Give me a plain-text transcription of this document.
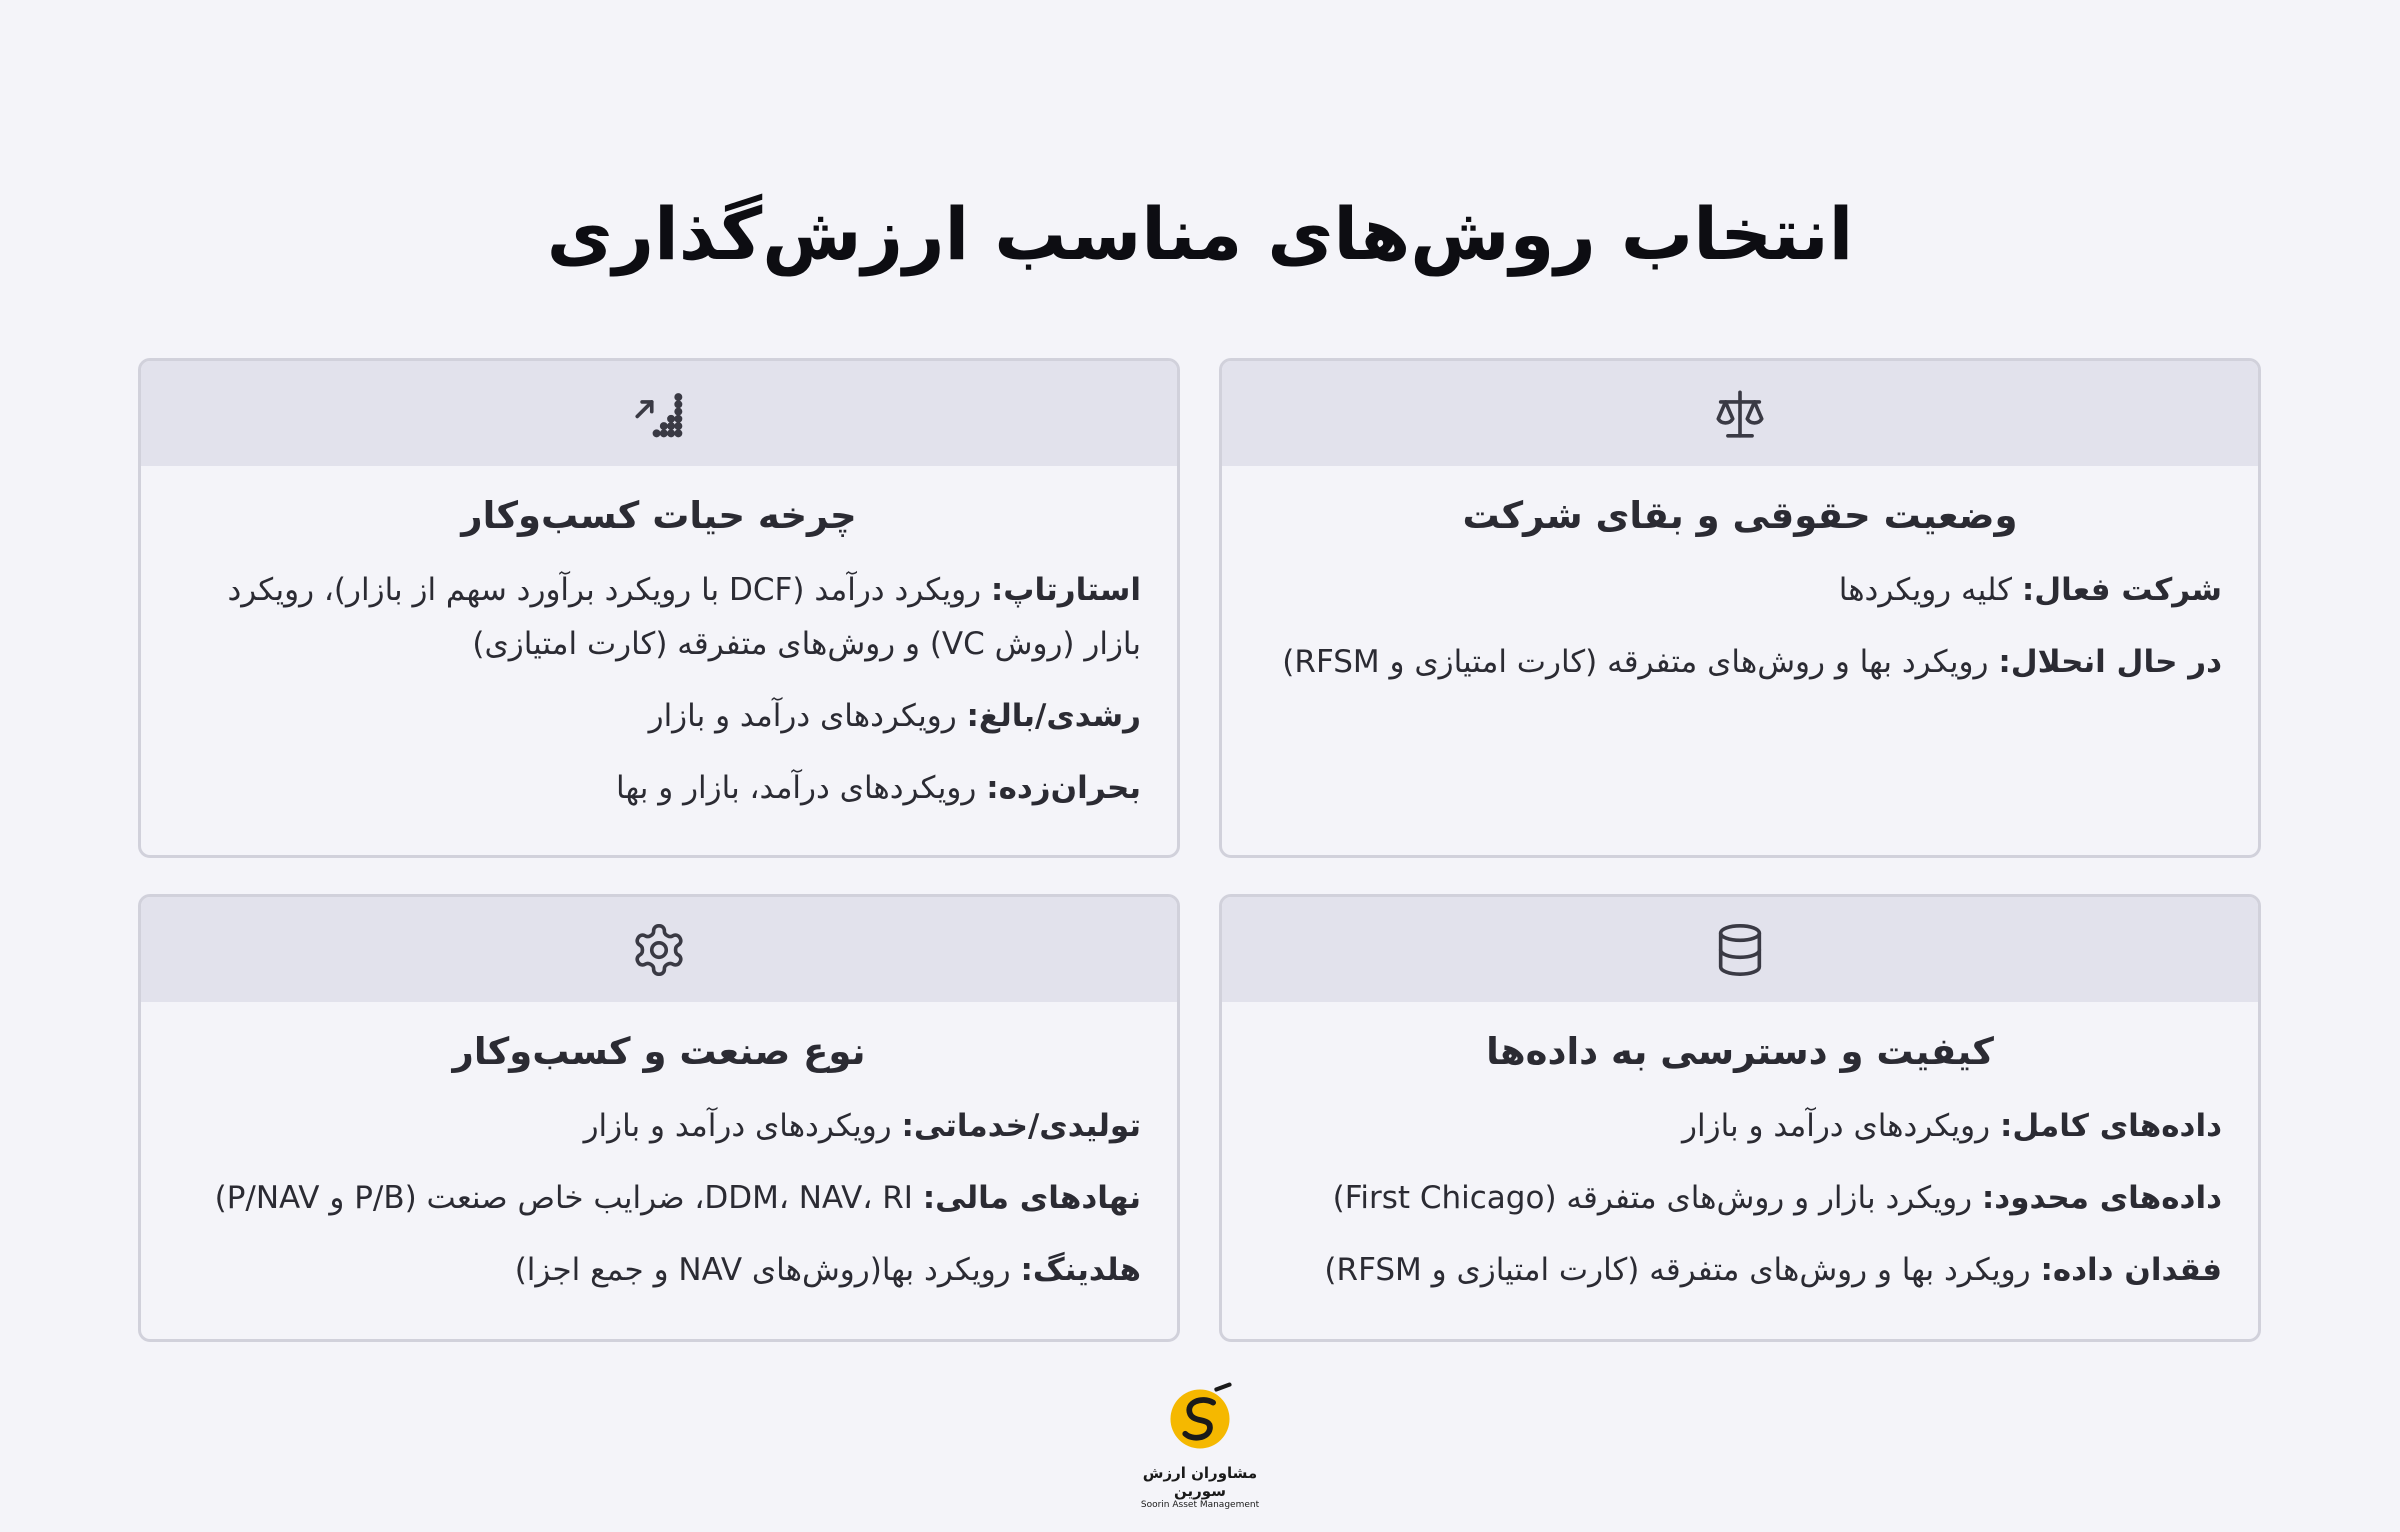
انتخاب روش‌های مناسب ارزش‌گذاری
وضعیت حقوقی و بقای شرکت
شرکت فعال: کلیه رویکردها
در حال انحلال: رویکرد بها و روش‌های متفرقه (کارت امتیازی و RFSM)
چرخه حیات کسب‌وکار
استارتاپ: رویکرد درآمد (DCF با رویکرد برآورد سهم از بازار)، رویکرد بازار (روش VC) و روش‌های متفرقه (کارت امتیازی)
رشدی/بالغ: رویکردهای درآمد و بازار
بحران‌زده: رویکردهای درآمد، بازار و بها
کیفیت و دسترسی به داده‌ها
داده‌های کامل: رویکردهای درآمد و بازار
داده‌های محدود: رویکرد بازار و روش‌های متفرقه (First Chicago)
فقدان داده: رویکرد بها و روش‌های متفرقه (کارت امتیازی و RFSM)
نوع صنعت و کسب‌وکار
تولیدی/خدماتی: رویکردهای درآمد و بازار
نهادهای مالی: DDM، NAV، RI، ضرایب خاص صنعت (P/B و P/NAV)
هلدینگ: رویکرد بها(روش‌های NAV و جمع اجزا)
مشاوران ارزش سورین
Soorin Asset Management
